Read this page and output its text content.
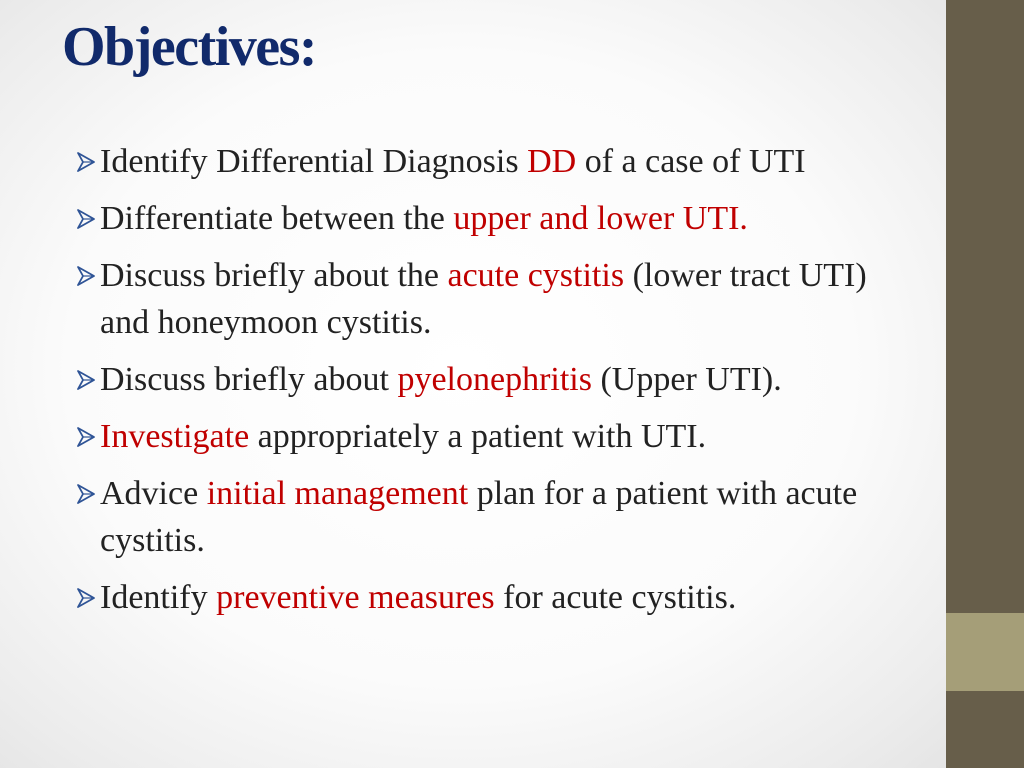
Objectives:
Identify Differential Diagnosis DD of a case of UTI
Differentiate between the upper and lower UTI.
Discuss briefly about the acute cystitis (lower tract UTI) and honeymoon cystitis.
Discuss briefly about pyelonephritis (Upper UTI).
Investigate appropriately a patient with UTI.
Advice initial management plan for a patient with acute cystitis.
Identify preventive measures for acute cystitis.
